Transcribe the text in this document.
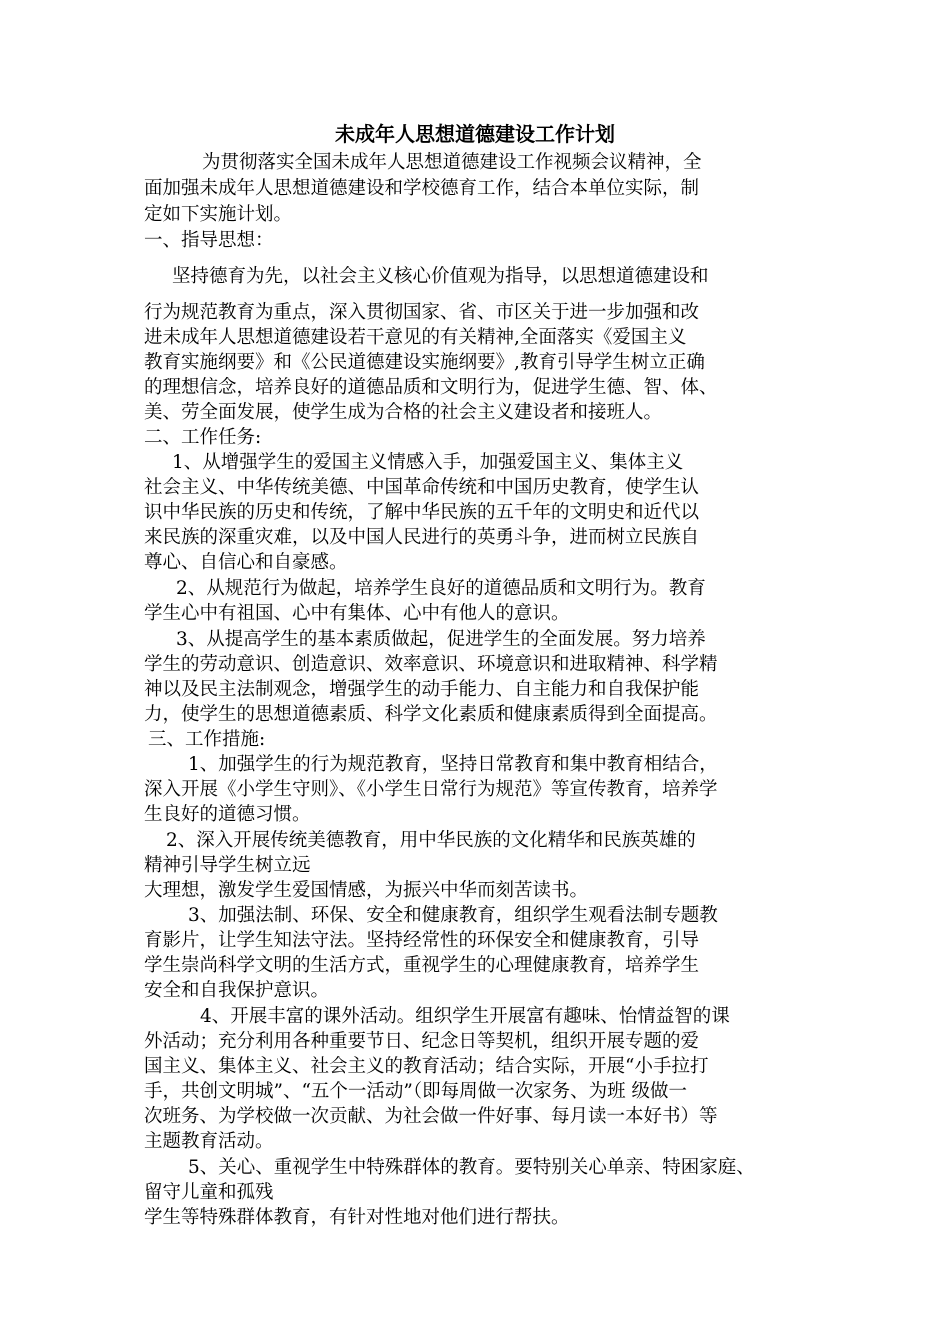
未成年人思想道德建设工作计划
为贯彻落实全国未成年人思想道德建设工作视频会议精神，全
面加强未成年人思想道德建设和学校德育工作，结合本单位实际，制
定如下实施计划。
一、指导思想：
坚持德育为先，以社会主义核心价值观为指导，以思想道德建设和
行为规范教育为重点，深入贯彻国家、省、市区关于进一步加强和改
进未成年人思想道德建设若干意见的有关精神,全面落实《爱国主义
教育实施纲要》和《公民道德建设实施纲要》,教育引导学生树立正确
的理想信念，培养良好的道德品质和文明行为，促进学生德、智、体、
美、劳全面发展，使学生成为合格的社会主义建设者和接班人。
二、工作任务:
1、从增强学生的爱国主义情感入手，加强爱国主义、集体主义
社会主义、中华传统美德、中国革命传统和中国历史教育，使学生认
识中华民族的历史和传统，了解中华民族的五千年的文明史和近代以
来民族的深重灾难，以及中国人民进行的英勇斗争，进而树立民族自
尊心、自信心和自豪感。
2、从规范行为做起，培养学生良好的道德品质和文明行为。教育
学生心中有祖国、心中有集体、心中有他人的意识。
3、从提高学生的基本素质做起，促进学生的全面发展。努力培养
学生的劳动意识、创造意识、效率意识、环境意识和进取精神、科学精
神以及民主法制观念，增强学生的动手能力、自主能力和自我保护能
力，使学生的思想道德素质、科学文化素质和健康素质得到全面提高。
三、工作措施:
1、加强学生的行为规范教育，坚持日常教育和集中教育相结合，
深入开展《小学生守则》、《小学生日常行为规范》等宣传教育，培养学
生良好的道德习惯。
2、深入开展传统美德教育，用中华民族的文化精华和民族英雄的
精神引导学生树立远
大理想，激发学生爱国情感，为振兴中华而刻苦读书。
3、加强法制、环保、安全和健康教育，组织学生观看法制专题教
育影片，让学生知法守法。坚持经常性的环保安全和健康教育，引导
学生崇尚科学文明的生活方式，重视学生的心理健康教育，培养学生
安全和自我保护意识。
4、开展丰富的课外活动。组织学生开展富有趣味、怡情益智的课
外活动；充分利用各种重要节日、纪念日等契机，组织开展专题的爱
国主义、集体主义、社会主义的教育活动；结合实际，开展“小手拉打
手，共创文明城”、“五个一活动”（即每周做一次家务、为班 级做一
次班务、为学校做一次贡献、为社会做一件好事、每月读一本好书）等
主题教育活动。
5、关心、重视学生中特殊群体的教育。要特别关心单亲、特困家庭、
留守儿童和孤残
学生等特殊群体教育，有针对性地对他们进行帮扶。
